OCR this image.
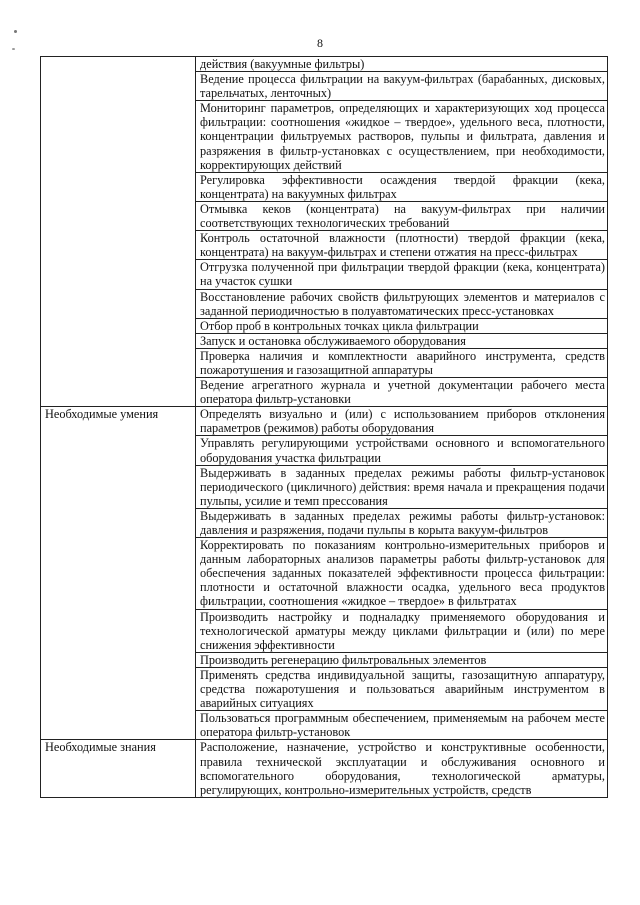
8
	действия (вакуумные фильтры)
	Ведение процесса фильтрации на вакуум-фильтрах (барабанных, дисковых, тарельчатых, ленточных)
	Мониторинг параметров, определяющих и характеризующих ход процесса фильтрации: соотношения «жидкое – твердое», удельного веса, плотности, концентрации фильтруемых растворов, пульпы и фильтрата, давления и разряжения в фильтр-установках с осуществлением, при необходимости, корректирующих действий
	Регулировка эффективности осаждения твердой фракции (кека, концентрата) на вакуумных фильтрах
	Отмывка кеков (концентрата) на вакуум-фильтрах при наличии соответствующих технологических требований
	Контроль остаточной влажности (плотности) твердой фракции (кека, концентрата) на вакуум-фильтрах и степени отжатия на пресс-фильтрах
	Отгрузка полученной при фильтрации твердой фракции (кека, концентрата) на участок сушки
	Восстановление рабочих свойств фильтрующих элементов и материалов с заданной периодичностью в полуавтоматических пресс-установках
	Отбор проб в контрольных точках цикла фильтрации
	Запуск и остановка обслуживаемого оборудования
	Проверка наличия и комплектности аварийного инструмента, средств пожаротушения и газозащитной аппаратуры
	Ведение агрегатного журнала и учетной документации рабочего места оператора фильтр-установки
Необходимые умения	Определять визуально и (или) с использованием приборов отклонения параметров (режимов) работы оборудования
	Управлять регулирующими устройствами основного и вспомогательного оборудования участка фильтрации
	Выдерживать в заданных пределах режимы работы фильтр-установок периодического (цикличного) действия: время начала и прекращения подачи пульпы, усилие и темп прессования
	Выдерживать в заданных пределах режимы работы фильтр-установок: давления и разряжения, подачи пульпы в корыта вакуум-фильтров
	Корректировать по показаниям контрольно-измерительных приборов и данным лабораторных анализов параметры работы фильтр-установок для обеспечения заданных показателей эффективности процесса фильтрации: плотности и остаточной влажности осадка, удельного веса продуктов фильтрации, соотношения «жидкое – твердое» в фильтратах
	Производить настройку и подналадку применяемого оборудования и технологической арматуры между циклами фильтрации и (или) по мере снижения эффективности
	Производить регенерацию фильтровальных элементов
	Применять средства индивидуальной защиты, газозащитную аппаратуру, средства пожаротушения и пользоваться аварийным инструментом в аварийных ситуациях
	Пользоваться программным обеспечением, применяемым на рабочем месте оператора фильтр-установок
Необходимые знания	Расположение, назначение, устройство и конструктивные особенности, правила технической эксплуатации и обслуживания основного и вспомогательного оборудования, технологической арматуры, регулирующих, контрольно-измерительных устройств, средств
